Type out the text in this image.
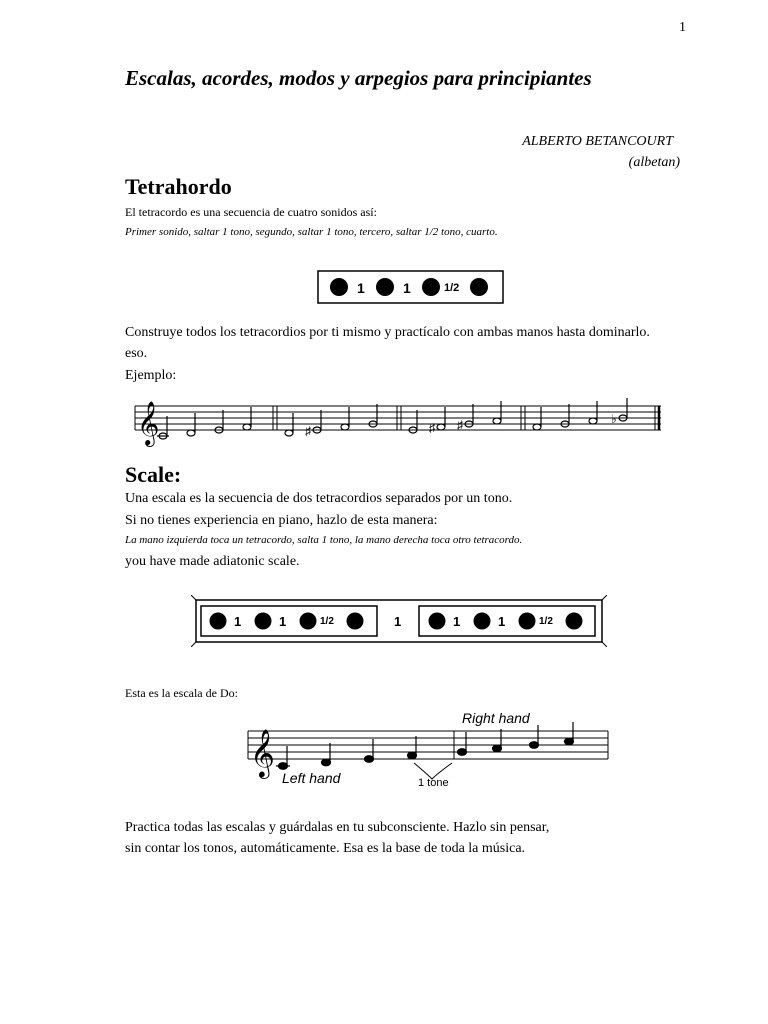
1
Escalas, acordes, modos y arpegios para principiantes
ALBERTO BETANCOURT
(albetan)
Tetrahordo
El tetracordo es una secuencia de cuatro sonidos así:
Primer sonido, saltar 1 tono, segundo, saltar 1 tono, tercero, saltar 1/2 tono, cuarto.
1	1	1/2
Construye todos los tetracordios por ti mismo y practícalo con ambas manos hasta dominarlo.
eso.
Ejemplo:
𝄞	♯	♯ ♯	♭
Scale:
Una escala es la secuencia de dos tetracordios separados por un tono.
Si no tienes experiencia en piano, hazlo de esta manera:
La mano izquierda toca un tetracordo, salta 1 tono, la mano derecha toca otro tetracordo.
you have made adiatonic scale.
1	1	1/2	1	1	1	1/2
Esta es la escala de Do:
𝄞
Right hand
Left hand	1 tone
Practica todas las escalas y guárdalas en tu subconsciente. Hazlo sin pensar,
sin contar los tonos, automáticamente. Esa es la base de toda la música.
